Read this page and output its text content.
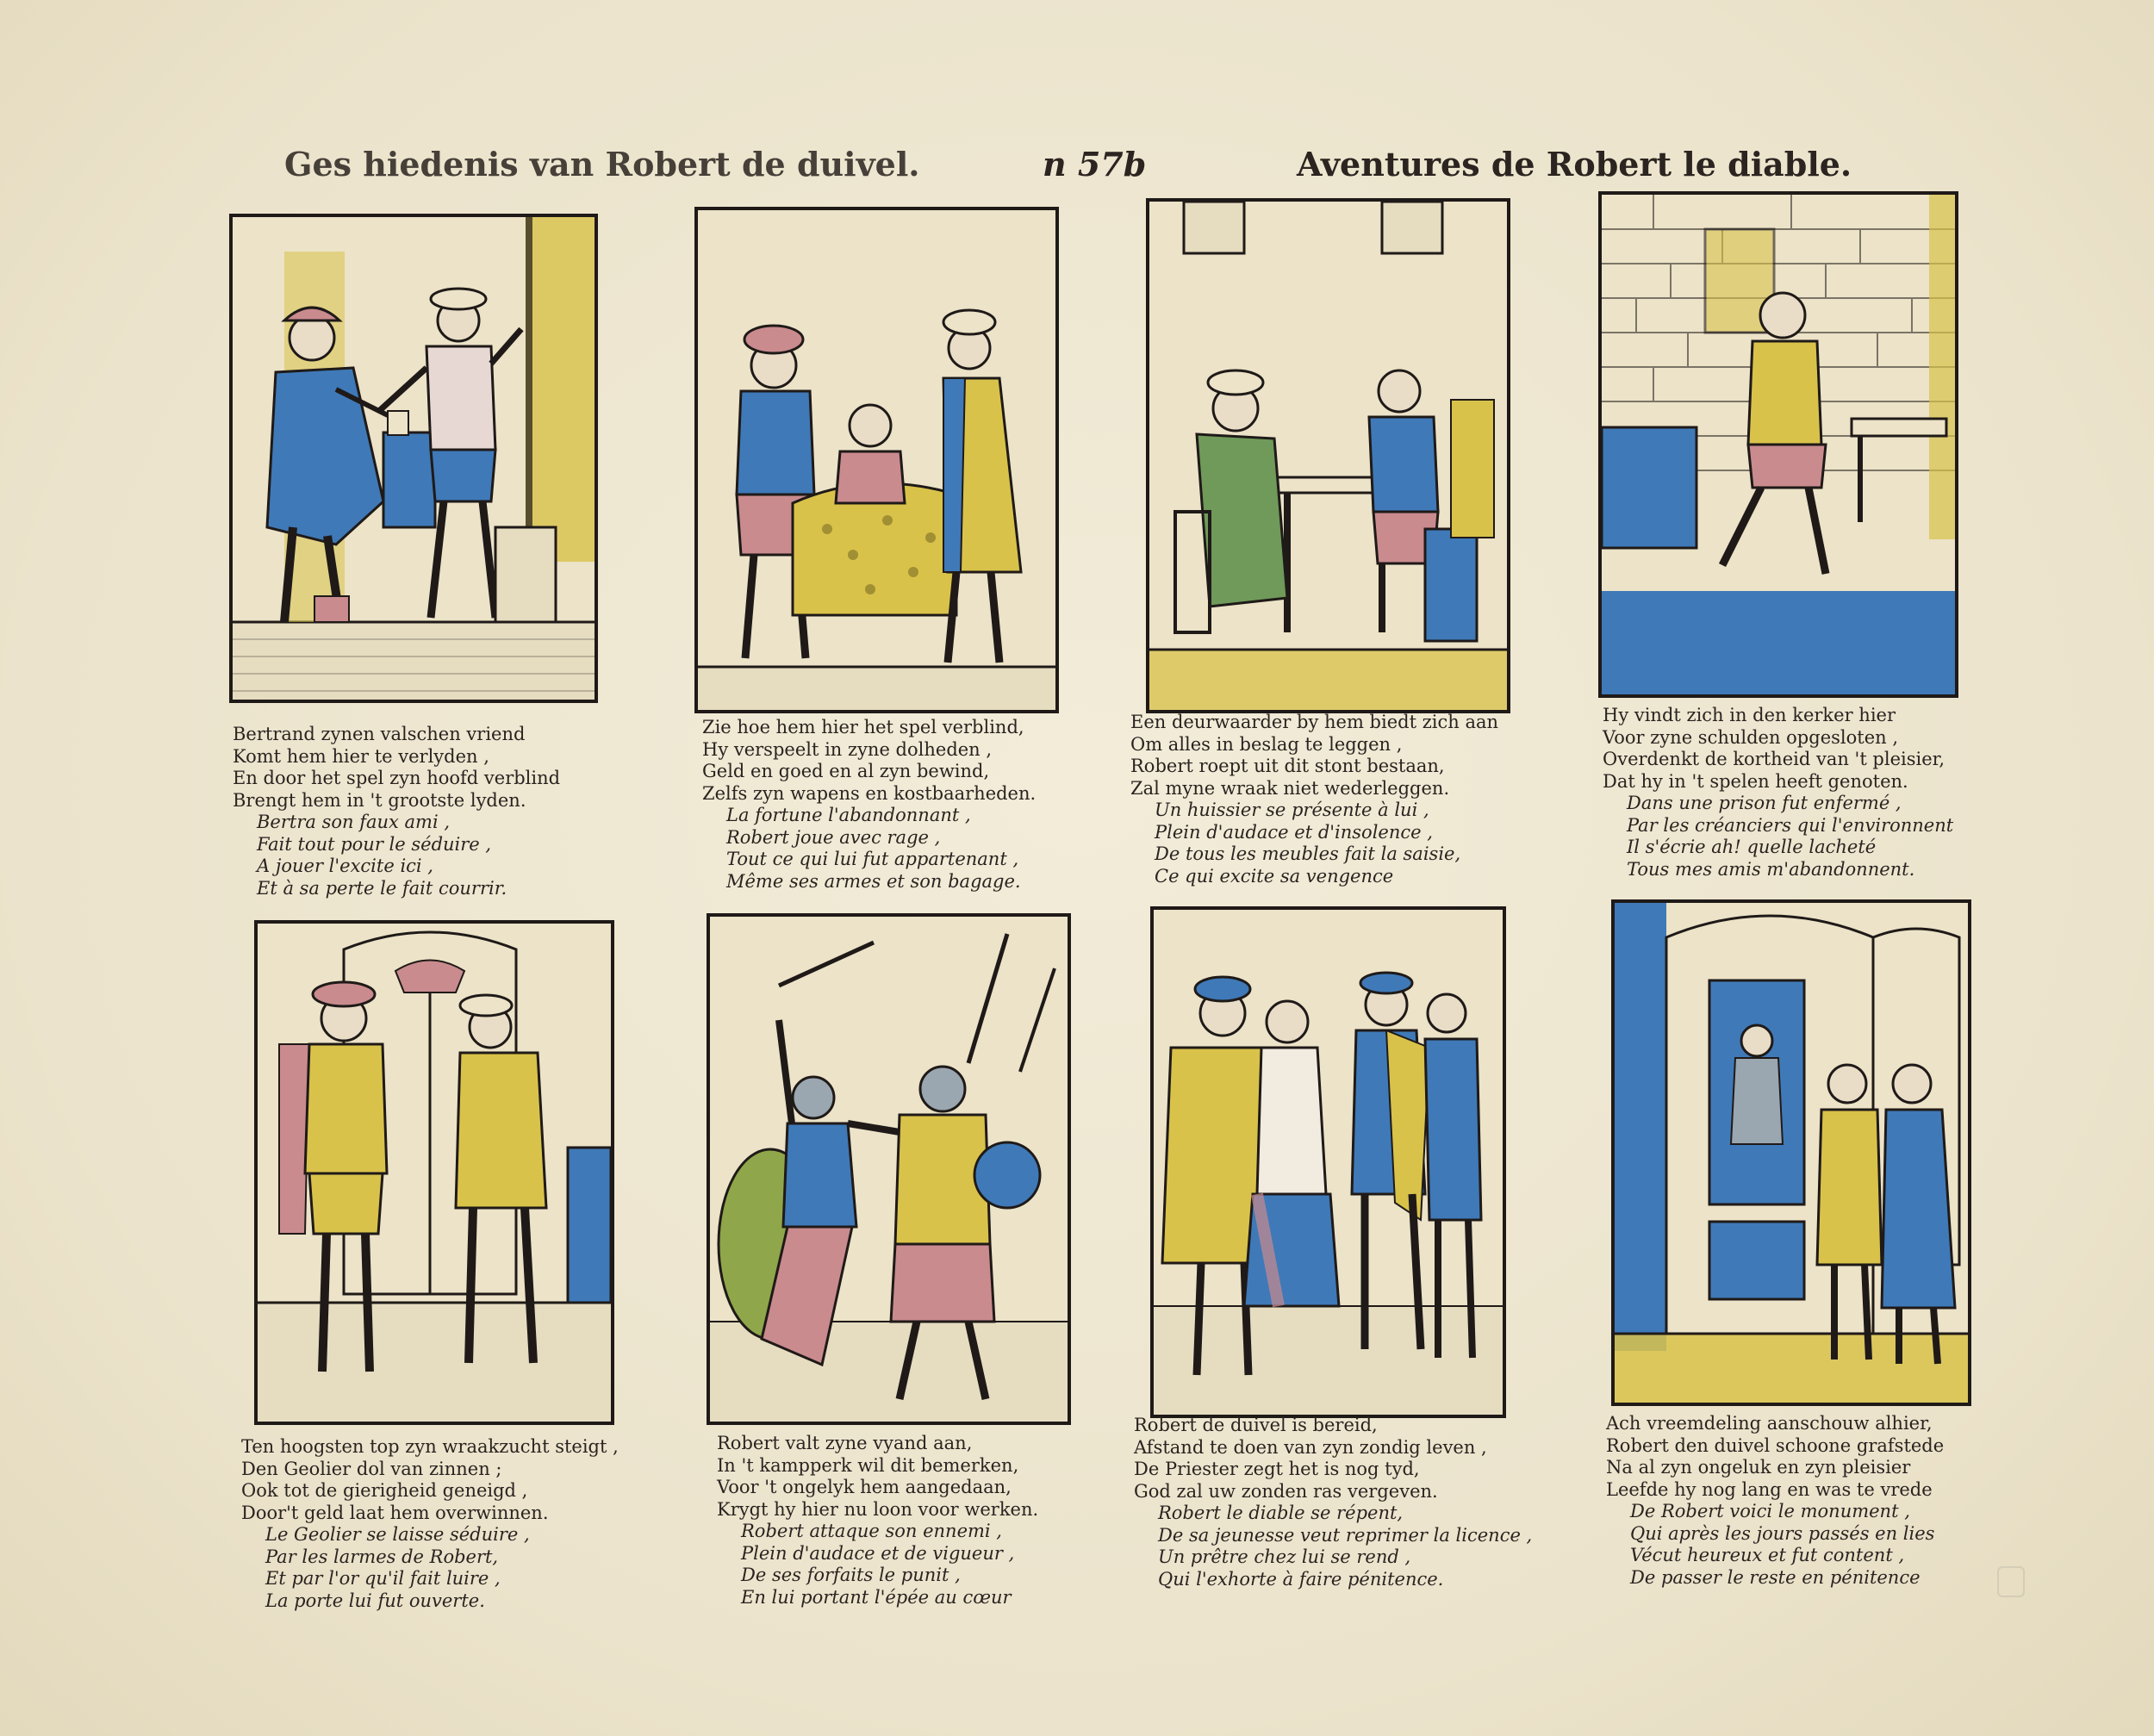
Ges hiedenis van Robert de duivel.	n 57b	Aventures de Robert le diable.
Bertrand zynen valschen vriend
Komt hem hier te verlyden ,
En door het spel zyn hoofd verblind
Brengt hem in 't grootste lyden.
Bertra son faux ami ,
Fait tout pour le séduire ,
A jouer l'excite ici ,
Et à sa perte le fait courrir.
Zie hoe hem hier het spel verblind,
Hy verspeelt in zyne dolheden ,
Geld en goed en al zyn bewind,
Zelfs zyn wapens en kostbaarheden.
La fortune l'abandonnant ,
Robert joue avec rage ,
Tout ce qui lui fut appartenant ,
Même ses armes et son bagage.
Een deurwaarder by hem biedt zich aan
Om alles in beslag te leggen ,
Robert roept uit dit stont bestaan,
Zal myne wraak niet wederleggen.
Un huissier se présente à lui ,
Plein d'audace et d'insolence ,
De tous les meubles fait la saisie,
Ce qui excite sa vengence
Hy vindt zich in den kerker hier
Voor zyne schulden opgesloten ,
Overdenkt de kortheid van 't pleisier,
Dat hy in 't spelen heeft genoten.
Dans une prison fut enfermé ,
Par les créanciers qui l'environnent
Il s'écrie ah! quelle lacheté
Tous mes amis m'abandonnent.
Ten hoogsten top zyn wraakzucht steigt ,
Den Geolier dol van zinnen ;
Ook tot de gierigheid geneigd ,
Door't geld laat hem overwinnen.
Le Geolier se laisse séduire ,
Par les larmes de Robert,
Et par l'or qu'il fait luire ,
La porte lui fut ouverte.
Robert valt zyne vyand aan,
In 't kampperk wil dit bemerken,
Voor 't ongelyk hem aangedaan,
Krygt hy hier nu loon voor werken.
Robert attaque son ennemi ,
Plein d'audace et de vigueur ,
De ses forfaits le punit ,
En lui portant l'épée au cœur
Robert de duivel is bereid,
Afstand te doen van zyn zondig leven ,
De Priester zegt het is nog tyd,
God zal uw zonden ras vergeven.
Robert le diable se répent,
De sa jeunesse veut reprimer la licence ,
Un prêtre chez lui se rend ,
Qui l'exhorte à faire pénitence.
Ach vreemdeling aanschouw alhier,
Robert den duivel schoone grafstede
Na al zyn ongeluk en zyn pleisier
Leefde hy nog lang en was te vrede
De Robert voici le monument ,
Qui après les jours passés en lies
Vécut heureux et fut content ,
De passer le reste en pénitence
